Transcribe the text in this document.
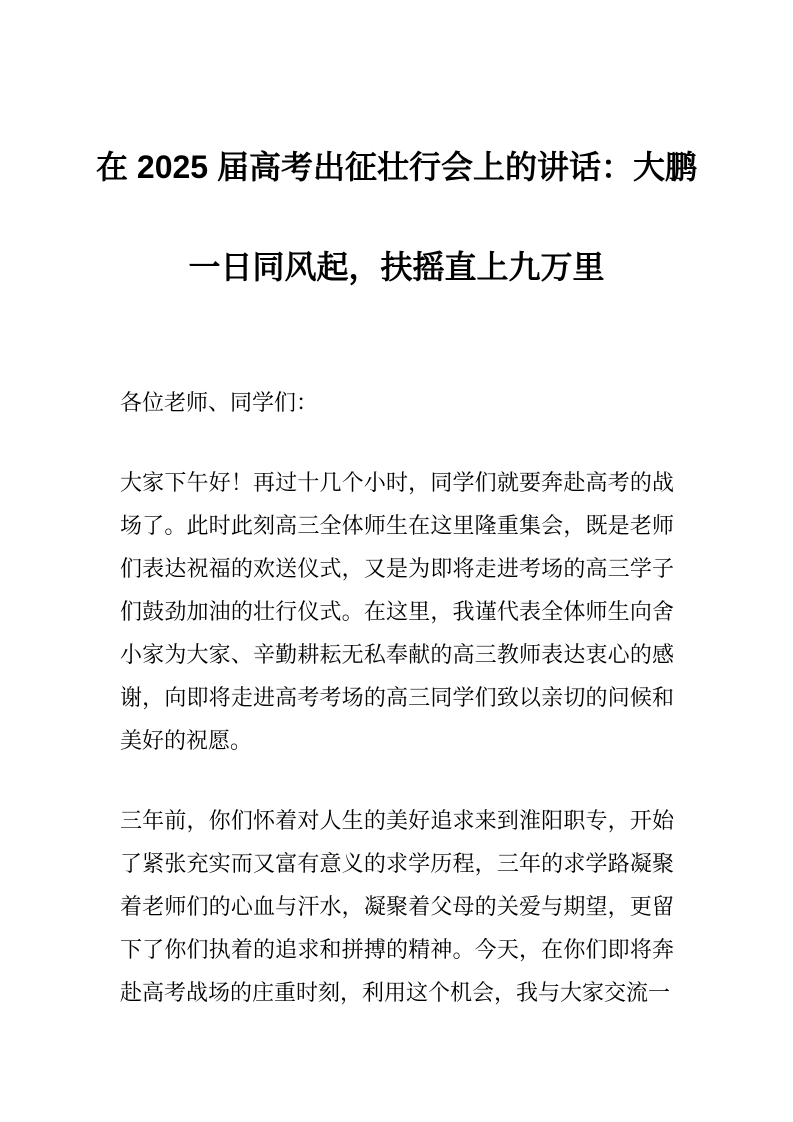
在 2025 届高考出征壮行会上的讲话：大鹏
一日同风起，扶摇直上九万里

各位老师、同学们：

大家下午好！再过十几个小时，同学们就要奔赴高考的战场了。此时此刻高三全体师生在这里隆重集会，既是老师们表达祝福的欢送仪式，又是为即将走进考场的高三学子们鼓劲加油的壮行仪式。在这里，我谨代表全体师生向舍小家为大家、辛勤耕耘无私奉献的高三教师表达衷心的感谢，向即将走进高考考场的高三同学们致以亲切的问候和美好的祝愿。

三年前，你们怀着对人生的美好追求来到淮阳职专，开始了紧张充实而又富有意义的求学历程，三年的求学路凝聚着老师们的心血与汗水，凝聚着父母的关爱与期望，更留下了你们执着的追求和拼搏的精神。今天，在你们即将奔赴高考战场的庄重时刻，利用这个机会，我与大家交流一
